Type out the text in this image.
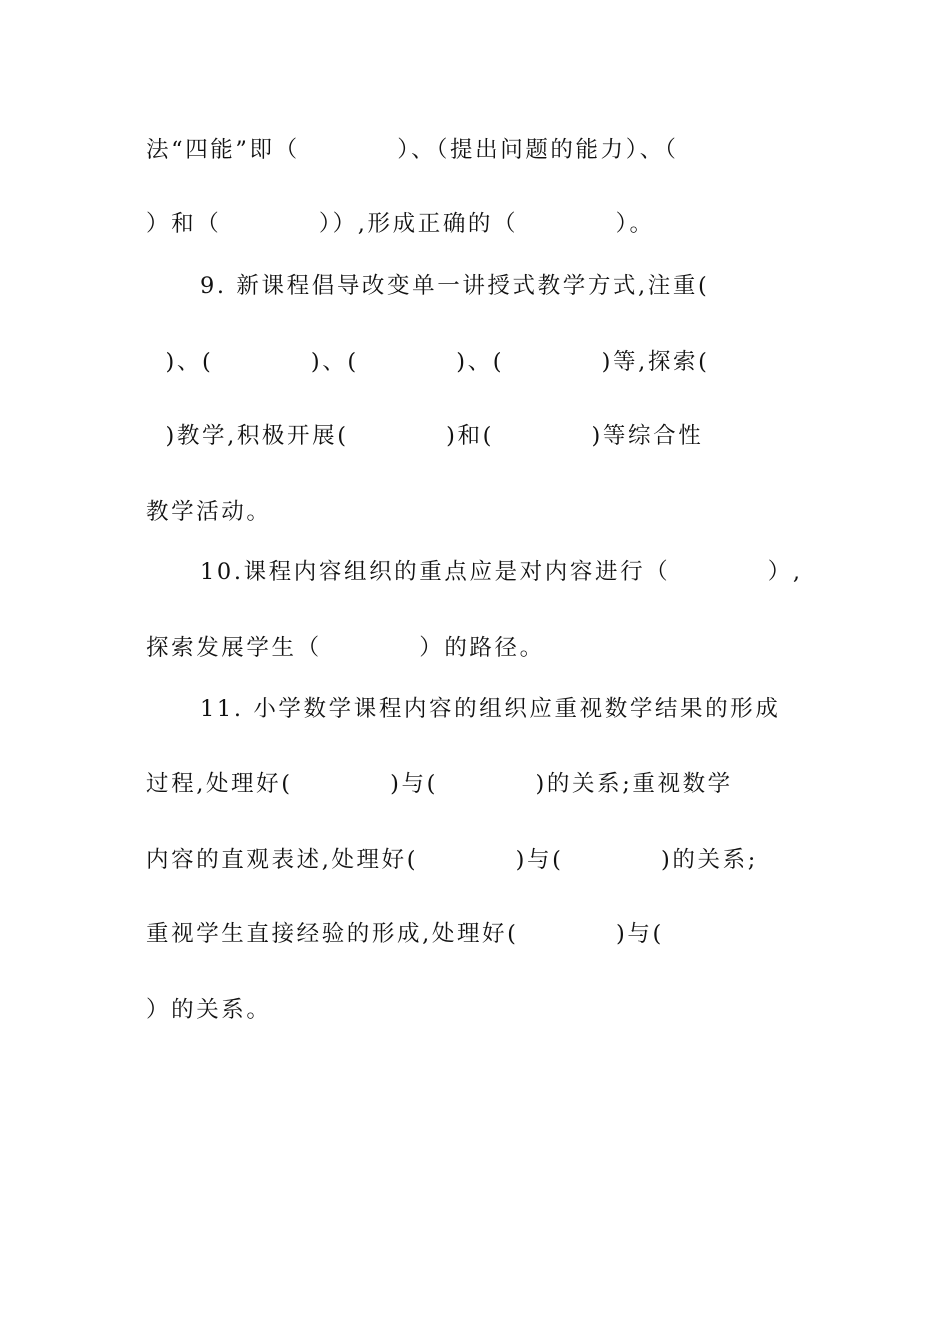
法“四能”即（          ）、（提出问题的能力）、（
）和（          ））,形成正确的（          ）。
9. 新课程倡导改变单一讲授式教学方式,注重(
)、(          )、(          )、(          )等,探索(
)教学,积极开展(          )和(          )等综合性
教学活动。
10.课程内容组织的重点应是对内容进行（          ）,
探索发展学生（          ）的路径。
11. 小学数学课程内容的组织应重视数学结果的形成
过程,处理好(          )与(          )的关系;重视数学
内容的直观表述,处理好(          )与(          )的关系;
重视学生直接经验的形成,处理好(          )与(
）的关系。
